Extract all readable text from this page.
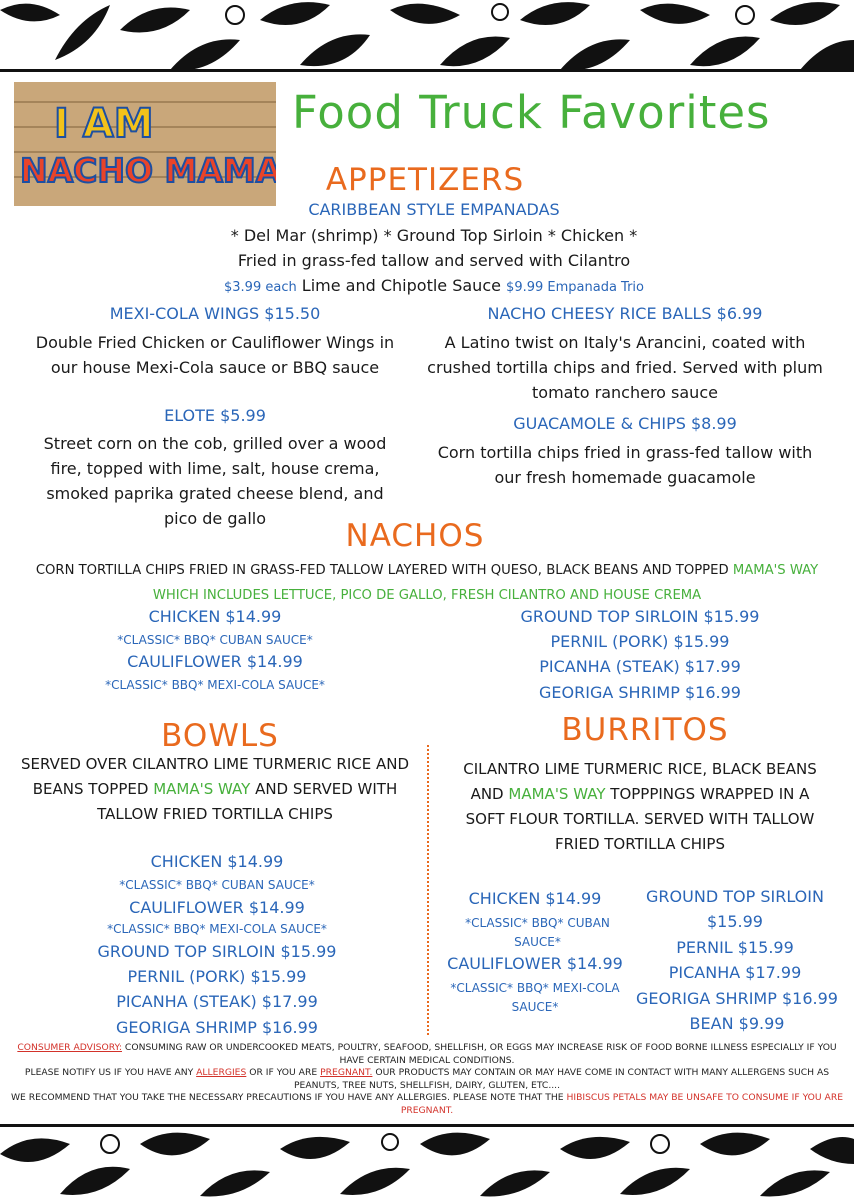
I AM
NACHO MAMA
Food Truck Favorites
APPETIZERS
CARIBBEAN STYLE EMPANADAS
* Del Mar (shrimp) * Ground Top Sirloin * Chicken *
Fried in grass-fed tallow and served with Cilantro
$3.99 each Lime and Chipotle Sauce $9.99 Empanada Trio
MEXI-COLA WINGS $15.50
Double Fried Chicken or Cauliflower Wings in our house Mexi-Cola sauce or BBQ sauce
ELOTE $5.99
Street corn on the cob, grilled over a wood fire, topped with lime, salt, house crema, smoked paprika grated cheese blend, and pico de gallo
NACHO CHEESY RICE BALLS $6.99
A Latino twist on Italy's Arancini, coated with crushed tortilla chips and fried. Served with plum tomato ranchero sauce
GUACAMOLE & CHIPS $8.99
Corn tortilla chips fried in grass-fed tallow with our fresh homemade guacamole
NACHOS
CORN TORTILLA CHIPS FRIED IN GRASS-FED TALLOW LAYERED WITH QUESO, BLACK BEANS AND TOPPED MAMA'S WAY WHICH INCLUDES LETTUCE, PICO DE GALLO, FRESH CILANTRO AND HOUSE CREMA
CHICKEN $14.99
*CLASSIC* BBQ* CUBAN SAUCE*
CAULIFLOWER $14.99
*CLASSIC* BBQ* MEXI-COLA SAUCE*
GROUND TOP SIRLOIN $15.99
PERNIL (PORK) $15.99
PICANHA (STEAK) $17.99
GEORIGA SHRIMP $16.99
BOWLS
SERVED OVER CILANTRO LIME TURMERIC RICE AND BEANS TOPPED MAMA'S WAY AND SERVED WITH TALLOW FRIED TORTILLA CHIPS
CHICKEN $14.99
*CLASSIC* BBQ* CUBAN SAUCE*
CAULIFLOWER $14.99
*CLASSIC* BBQ* MEXI-COLA SAUCE*
GROUND TOP SIRLOIN $15.99
PERNIL (PORK) $15.99
PICANHA (STEAK) $17.99
GEORIGA SHRIMP $16.99
BURRITOS
CILANTRO LIME TURMERIC RICE, BLACK BEANS AND MAMA'S WAY TOPPPINGS WRAPPED IN A SOFT FLOUR TORTILLA. SERVED WITH TALLOW FRIED TORTILLA CHIPS
CHICKEN $14.99
*CLASSIC* BBQ* CUBAN SAUCE*
CAULIFLOWER $14.99
*CLASSIC* BBQ* MEXI-COLA SAUCE*
GROUND TOP SIRLOIN
$15.99
PERNIL $15.99
PICANHA $17.99
GEORIGA SHRIMP $16.99
BEAN $9.99
CONSUMER ADVISORY: CONSUMING RAW OR UNDERCOOKED MEATS, POULTRY, SEAFOOD, SHELLFISH, OR EGGS MAY INCREASE RISK OF FOOD BORNE ILLNESS ESPECIALLY IF YOU HAVE CERTAIN MEDICAL CONDITIONS.
PLEASE NOTIFY US IF YOU HAVE ANY ALLERGIES OR IF YOU ARE PREGNANT. OUR PRODUCTS MAY CONTAIN OR MAY HAVE COME IN CONTACT WITH MANY ALLERGENS SUCH AS PEANUTS, TREE NUTS, SHELLFISH, DAIRY, GLUTEN, ETC....
WE RECOMMEND THAT YOU TAKE THE NECESSARY PRECAUTIONS IF YOU HAVE ANY ALLERGIES. PLEASE NOTE THAT THE HIBISCUS PETALS MAY BE UNSAFE TO CONSUME IF YOU ARE PREGNANT.
